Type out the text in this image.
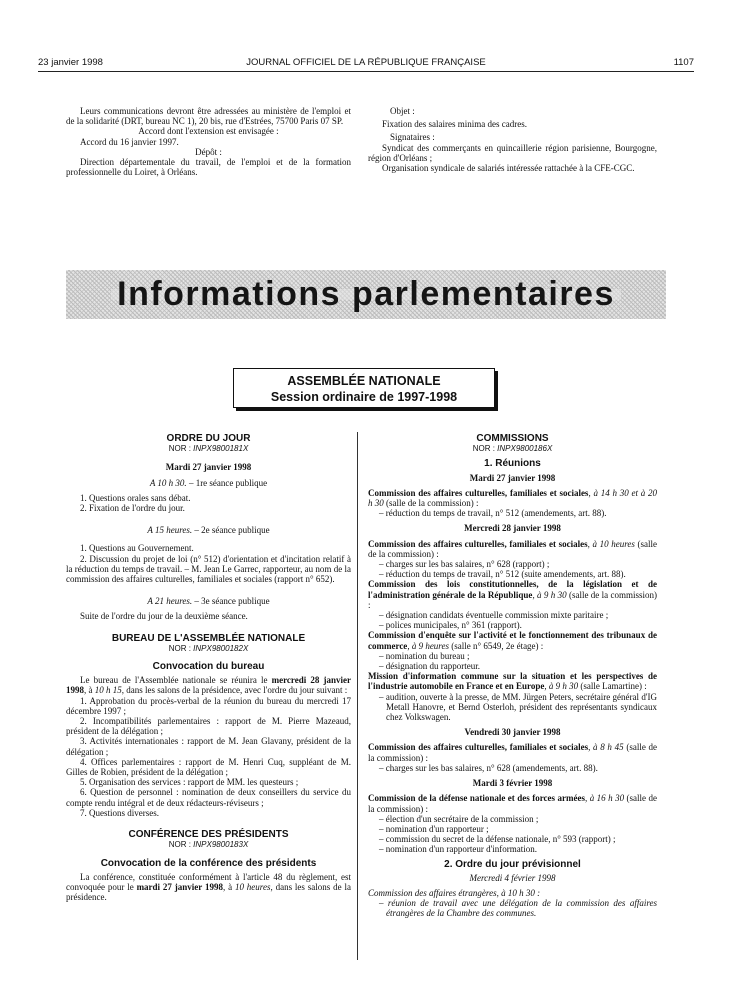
23 janvier 1998	JOURNAL OFFICIEL DE LA RÉPUBLIQUE FRANÇAISE	1107

Leurs communications devront être adressées au ministère de l'emploi et de la solidarité (DRT, bureau NC 1), 20 bis, rue d'Estrées, 75700 Paris 07 SP.

Accord dont l'extension est envisagée :

Accord du 16 janvier 1997.

Dépôt :

Direction départementale du travail, de l'emploi et de la formation professionnelle du Loiret, à Orléans.

Objet :

Fixation des salaires minima des cadres.

Signataires :

Syndicat des commerçants en quincaillerie région parisienne, Bourgogne, région d'Orléans ;

Organisation syndicale de salariés intéressée rattachée à la CFE-CGC.

Informations parlementaires
ASSEMBLÉE NATIONALE
Session ordinaire de 1997-1998
ORDRE DU JOUR
NOR : INPX9800181X
Mardi 27 janvier 1998
A 10 h 30. – 1re séance publique

1. Questions orales sans débat.

2. Fixation de l'ordre du jour.

A 15 heures. – 2e séance publique

1. Questions au Gouvernement.

2. Discussion du projet de loi (n° 512) d'orientation et d'incitation relatif à la réduction du temps de travail. – M. Jean Le Garrec, rapporteur, au nom de la commission des affaires culturelles, familiales et sociales (rapport n° 652).

A 21 heures. – 3e séance publique

Suite de l'ordre du jour de la deuxième séance.

BUREAU DE L'ASSEMBLÉE NATIONALE
NOR : INPX9800182X
Convocation du bureau

Le bureau de l'Assemblée nationale se réunira le mercredi 28 janvier 1998, à 10 h 15, dans les salons de la présidence, avec l'ordre du jour suivant :

1. Approbation du procès-verbal de la réunion du bureau du mercredi 17 décembre 1997 ;

2. Incompatibilités parlementaires : rapport de M. Pierre Mazeaud, président de la délégation ;

3. Activités internationales : rapport de M. Jean Glavany, président de la délégation ;

4. Offices parlementaires : rapport de M. Henri Cuq, suppléant de M. Gilles de Robien, président de la délégation ;

5. Organisation des services : rapport de MM. les questeurs ;

6. Question de personnel : nomination de deux conseillers du service du compte rendu intégral et de deux rédacteurs-réviseurs ;

7. Questions diverses.

CONFÉRENCE DES PRÉSIDENTS
NOR : INPX9800183X
Convocation de la conférence des présidents

La conférence, constituée conformément à l'article 48 du règlement, est convoquée pour le mardi 27 janvier 1998, à 10 heures, dans les salons de la présidence.

COMMISSIONS
NOR : INPX9800186X
1. Réunions
Mardi 27 janvier 1998

Commission des affaires culturelles, familiales et sociales, à 14 h 30 et à 20 h 30 (salle de la commission) :

– réduction du temps de travail, n° 512 (amendements, art. 88).

Mercredi 28 janvier 1998

Commission des affaires culturelles, familiales et sociales, à 10 heures (salle de la commission) :

– charges sur les bas salaires, n° 628 (rapport) ;

– réduction du temps de travail, n° 512 (suite amendements, art. 88).

Commission des lois constitutionnelles, de la législation et de l'administration générale de la République, à 9 h 30 (salle de la commission) :

– désignation candidats éventuelle commission mixte paritaire ;

– polices municipales, n° 361 (rapport).

Commission d'enquête sur l'activité et le fonctionnement des tribunaux de commerce, à 9 heures (salle n° 6549, 2e étage) :

– nomination du bureau ;

– désignation du rapporteur.

Mission d'information commune sur la situation et les perspectives de l'industrie automobile en France et en Europe, à 9 h 30 (salle Lamartine) :

– audition, ouverte à la presse, de MM. Jürgen Peters, secrétaire général d'IG Metall Hanovre, et Bernd Osterloh, président des représentants syndicaux chez Volkswagen.

Vendredi 30 janvier 1998

Commission des affaires culturelles, familiales et sociales, à 8 h 45 (salle de la commission) :

– charges sur les bas salaires, n° 628 (amendements, art. 88).

Mardi 3 février 1998

Commission de la défense nationale et des forces armées, à 16 h 30 (salle de la commission) :

– élection d'un secrétaire de la commission ;

– nomination d'un rapporteur ;

– commission du secret de la défense nationale, n° 593 (rapport) ;

– nomination d'un rapporteur d'information.

2. Ordre du jour prévisionnel
Mercredi 4 février 1998

Commission des affaires étrangères, à 10 h 30 :

– réunion de travail avec une délégation de la commission des affaires étrangères de la Chambre des communes.
